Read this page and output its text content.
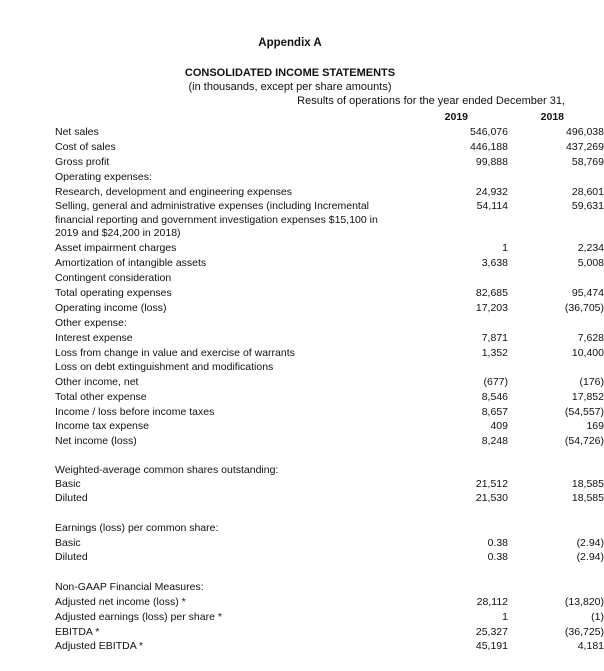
Appendix A
CONSOLIDATED INCOME STATEMENTS
(in thousands, except per share amounts)
Results of operations for the year ended December 31,
2019	2018
Net sales	546,076	496,038
Cost of sales	446,188	437,269
Gross profit	99,888	58,769
Operating expenses:
Research, development and engineering expenses	24,932	28,601
Selling, general and administrative expenses (including Incremental financial reporting and government investigation expenses $15,100 in 2019 and $24,200 in 2018)
54,114	59,631
Asset impairment charges	1	2,234
Amortization of intangible assets	3,638	5,008
Contingent consideration
Total operating expenses	82,685	95,474
Operating income (loss)	17,203	(36,705)
Other expense:
Interest expense	7,871	7,628
Loss from change in value and exercise of warrants	1,352	10,400
Loss on debt extinguishment and modifications
Other income, net	(677)	(176)
Total other expense	8,546	17,852
Income / loss before income taxes	8,657	(54,557)
Income tax expense	409	169
Net income (loss)	8,248	(54,726)
Weighted-average common shares outstanding:
Basic	21,512	18,585
Diluted	21,530	18,585
Earnings (loss) per common share:
Basic	0.38	(2.94)
Diluted	0.38	(2.94)
Non-GAAP Financial Measures:
Adjusted net income (loss) *	28,112	(13,820)
Adjusted earnings (loss) per share *	1	(1)
EBITDA *	25,327	(36,725)
Adjusted EBITDA *	45,191	4,181
